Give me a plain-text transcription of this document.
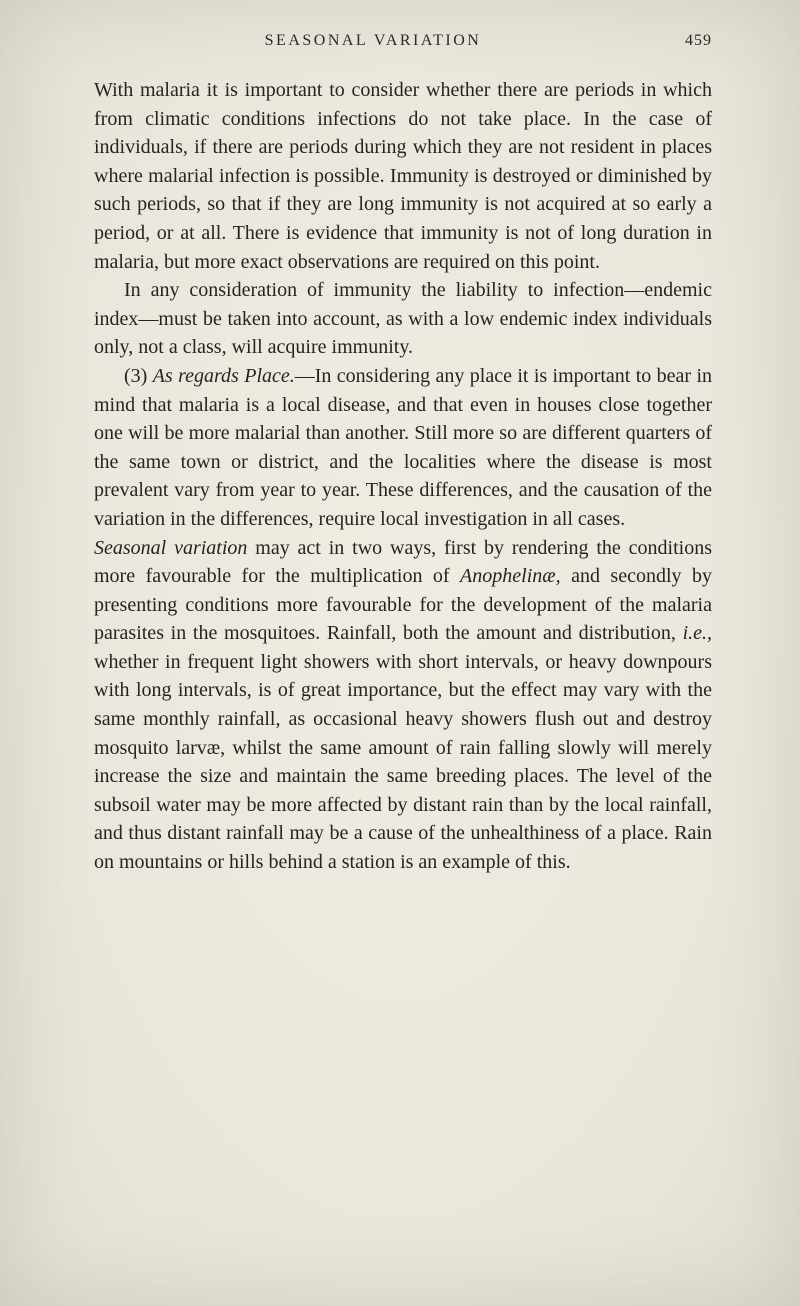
SEASONAL VARIATION	459

With malaria it is important to consider whether there are periods in which from climatic conditions infections do not take place. In the case of individuals, if there are periods during which they are not resident in places where malarial infection is possible. Immunity is destroyed or diminished by such periods, so that if they are long immunity is not acquired at so early a period, or at all. There is evidence that immunity is not of long duration in malaria, but more exact observations are required on this point.

In any consideration of immunity the liability to infection—endemic index—must be taken into account, as with a low endemic index individuals only, not a class, will acquire immunity.

(3) As regards Place.—In considering any place it is important to bear in mind that malaria is a local disease, and that even in houses close together one will be more malarial than another. Still more so are different quarters of the same town or district, and the localities where the disease is most prevalent vary from year to year. These differences, and the causation of the variation in the differences, require local investigation in all cases.

Seasonal variation may act in two ways, first by rendering the conditions more favourable for the multiplication of Anophelinæ, and secondly by presenting conditions more favourable for the development of the malaria parasites in the mosquitoes. Rainfall, both the amount and distribution, i.e., whether in frequent light showers with short intervals, or heavy downpours with long intervals, is of great importance, but the effect may vary with the same monthly rainfall, as occasional heavy showers flush out and destroy mosquito larvæ, whilst the same amount of rain falling slowly will merely increase the size and maintain the same breeding places. The level of the subsoil water may be more affected by distant rain than by the local rainfall, and thus distant rainfall may be a cause of the unhealthiness of a place. Rain on mountains or hills behind a station is an example of this.
